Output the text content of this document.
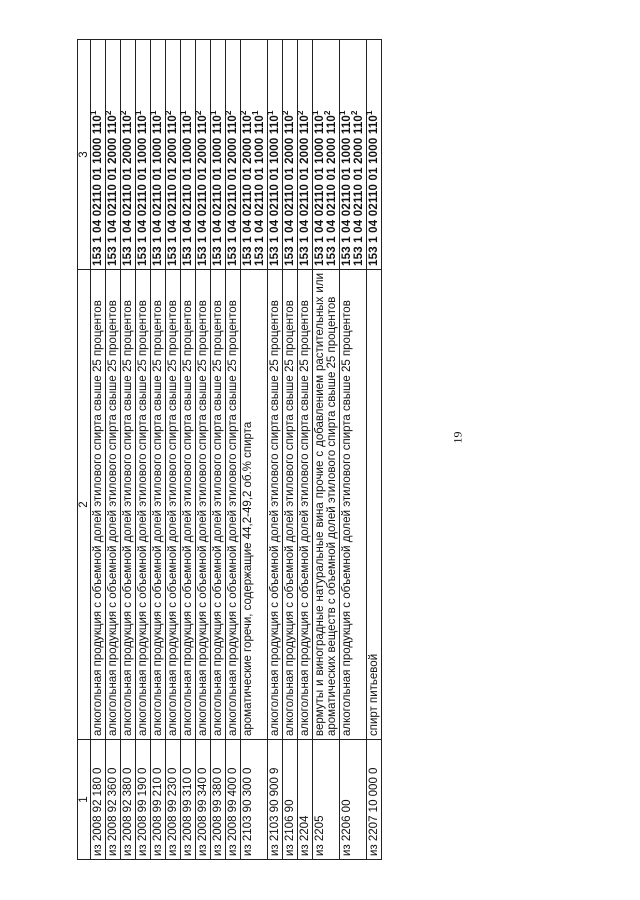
19
1	2	3
из 2008 92 180 0	алкогольная продукция с объемной долей этилового спирта свыше 25 процентов	153 1 04 02110 01 1000 $110^1$

из 2008 92 360 0	алкогольная продукция с объемной долей этилового спирта свыше 25 процентов	153 1 04 02110 01 2000 $110^2$

из 2008 92 380 0	алкогольная продукция с объемной долей этилового спирта свыше 25 процентов	153 1 04 02110 01 2000 $110^2$

из 2008 99 190 0	алкогольная продукция с объемной долей этилового спирта свыше 25 процентов	153 1 04 02110 01 1000 $110^1$

из 2008 99 210 0	алкогольная продукция с объемной долей этилового спирта свыше 25 процентов	153 1 04 02110 01 1000 $110^1$

из 2008 99 230 0	алкогольная продукция с объемной долей этилового спирта свыше 25 процентов	153 1 04 02110 01 2000 $110^2$

из 2008 99 310 0	алкогольная продукция с объемной долей этилового спирта свыше 25 процентов	153 1 04 02110 01 1000 $110^1$

из 2008 99 340 0	алкогольная продукция с объемной долей этилового спирта свыше 25 процентов	153 1 04 02110 01 2000 $110^2$

из 2008 99 380 0	алкогольная продукция с объемной долей этилового спирта свыше 25 процентов	153 1 04 02110 01 1000 $110^1$

из 2008 99 400 0	алкогольная продукция с объемной долей этилового спирта свыше 25 процентов	153 1 04 02110 01 2000 $110^2$

из 2103 90 300 0	ароматические горечи, содержащие 44,2-49,2 об.% спирта	153 1 04 02110 01 2000 $110^2$
153 1 04 02110 01 1000 $110^1$

из 2103 90 900 9	алкогольная продукция с объемной долей этилового спирта свыше 25 процентов	153 1 04 02110 01 1000 $110^1$

из 2106 90	алкогольная продукция с объемной долей этилового спирта свыше 25 процентов	153 1 04 02110 01 2000 $110^2$

из 2204	алкогольная продукция с объемной долей этилового спирта свыше 25 процентов	153 1 04 02110 01 2000 $110^2$

из 2205	вермуты и виноградные натуральные вина прочие с добавлением растительных или ароматических веществ с объемной долей этилового спирта свыше 25 процентов	153 1 04 02110 01 1000 $110^1$
153 1 04 02110 01 2000 $110^2$

из 2206 00	алкогольная продукция с объемной долей этилового спирта свыше 25 процентов	153 1 04 02110 01 1000 $110^1$
153 1 04 02110 01 2000 $110^2$

из 2207 10 000 0	спирт питьевой	153 1 04 02110 01 1000 $110^1$
